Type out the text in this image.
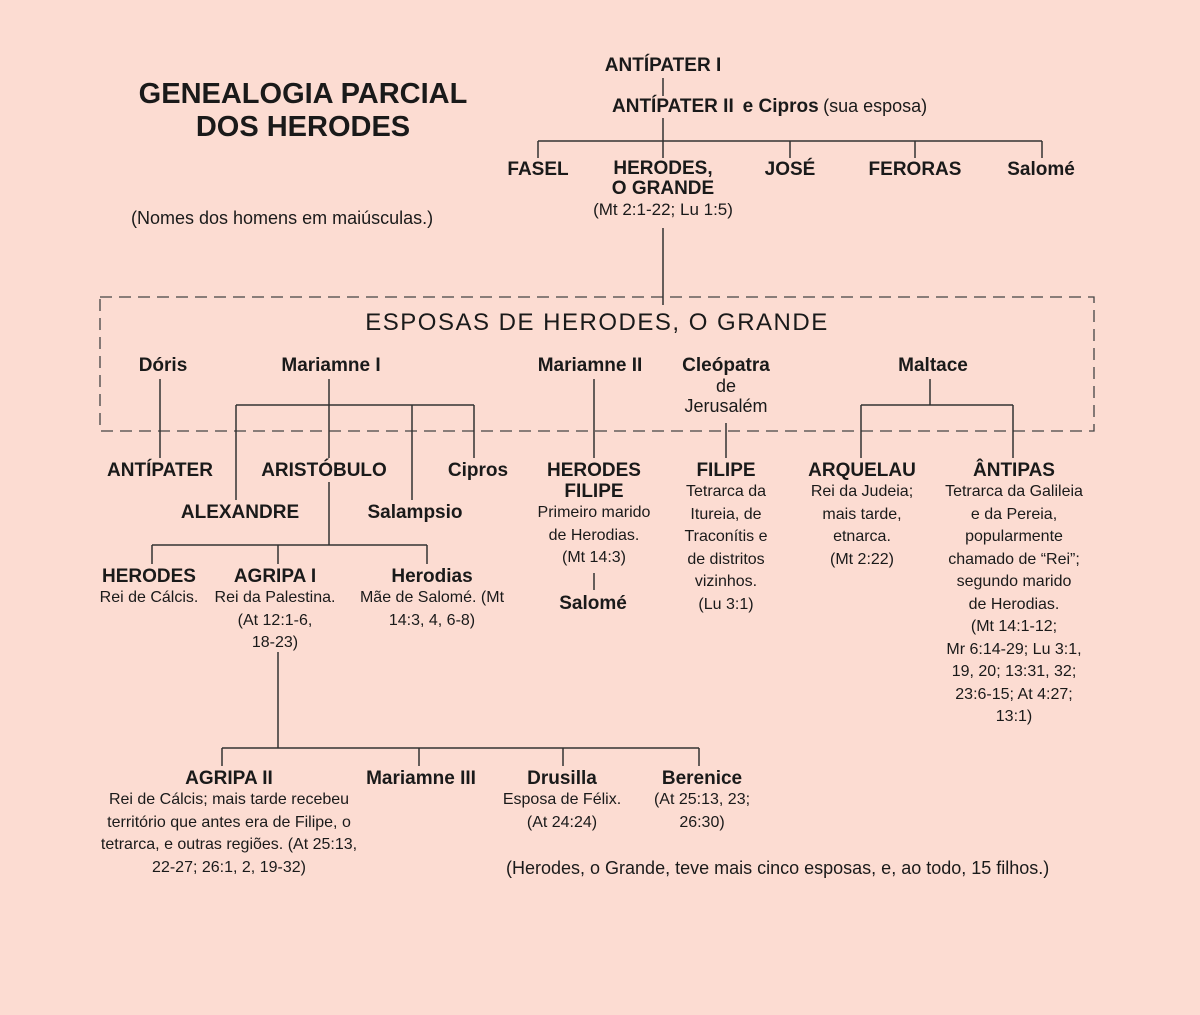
GENEALOGIA PARCIAL
DOS HERODES
(Nomes dos homens em maiúsculas.)
(Herodes, o Grande, teve mais cinco esposas, e, ao todo, 15 filhos.)
ANTÍPATER I
ANTÍPATER II e Cipros (sua esposa)
FASEL	HERODES,
O GRANDE
(Mt 2:1-22; Lu 1:5)
JOSÉ	FERORAS Salomé
ESPOSAS DE HERODES, O GRANDE
Dóris	Mariamne I	Mariamne II Cleópatra
de
Jerusalém
Maltace
ANTÍPATER	ARISTÓBULO	Cipros
ALEXANDRE	Salampsio
HERODES
FILIPE
Primeiro marido
de Herodias.
(Mt 14:3)
Salomé
FILIPE
Tetrarca da
Itureia, de
Traconítis e
de distritos
vizinhos.
(Lu 3:1)
ARQUELAU
Rei da Judeia;
mais tarde,
etnarca.
(Mt 2:22)
ÂNTIPAS
Tetrarca da Galileia
e da Pereia,
popularmente
chamado de “Rei”;
segundo marido
de Herodias.
(Mt 14:1-12;
Mr 6:14-29; Lu 3:1,
19, 20; 13:31, 32;
23:6-15; At 4:27;
13:1)
HERODES
Rei de Cálcis.
AGRIPA I
Rei da Palestina.
(At 12:1-6,
18-23)
Herodias
Mãe de Salomé. (Mt
14:3, 4, 6-8)
AGRIPA II
Rei de Cálcis; mais tarde recebeu
território que antes era de Filipe, o
tetrarca, e outras regiões. (At 25:13,
22-27; 26:1, 2, 19-32)
Mariamne III	Drusilla
Esposa de Félix.
(At 24:24)
Berenice
(At 25:13, 23;
26:30)
